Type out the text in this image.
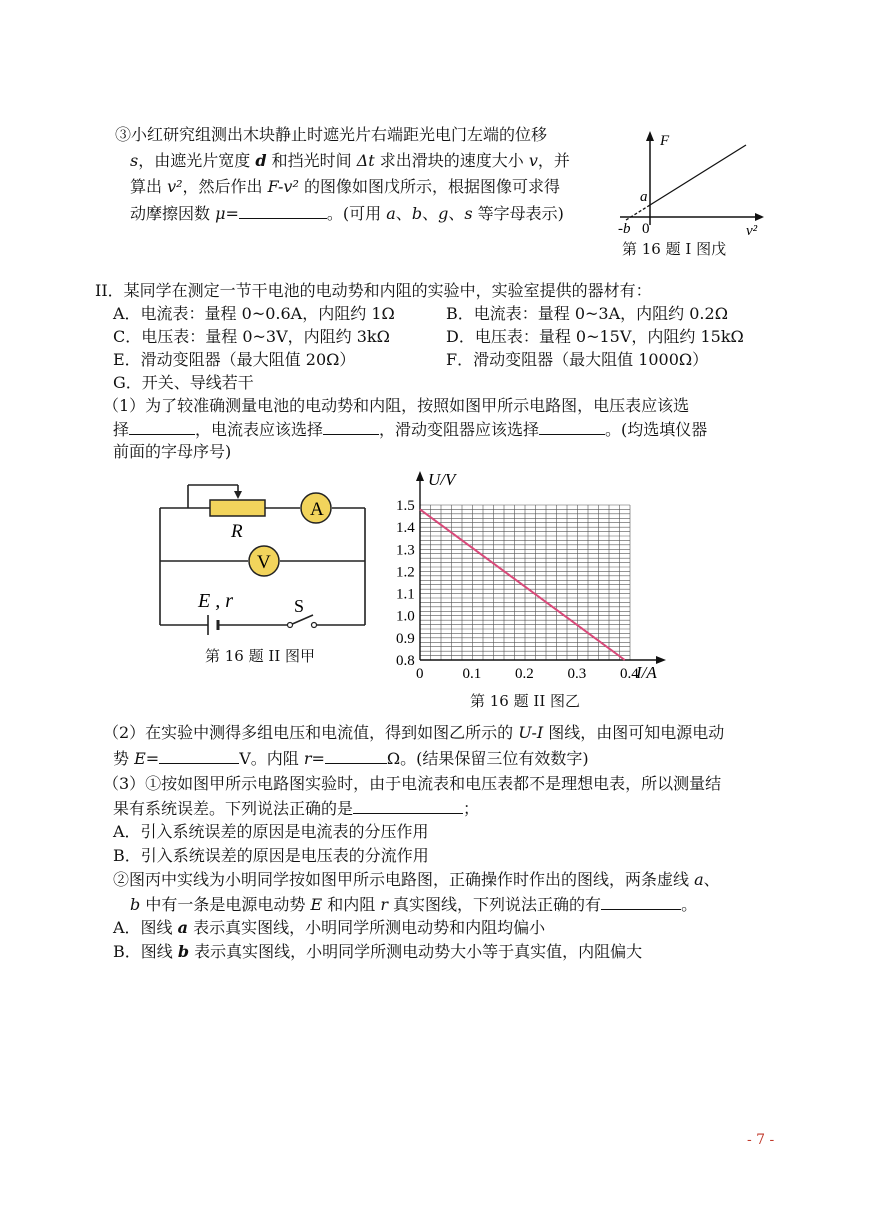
③小红研究组测出木块静止时遮光片右端距光电门左端的位移
s，由遮光片宽度 d 和挡光时间 Δt 求出滑块的速度大小 v，并
算出 v²，然后作出 F-v² 的图像如图戊所示，根据图像可求得
动摩擦因数 μ=	。(可用 a、b、g、s 等字母表示)
F
a
-b 0	v²
第 16 题 I 图戊
II．某同学在测定一节干电池的电动势和内阻的实验中，实验室提供的器材有：
A．电流表：量程 0~0.6A，内阻约 1Ω	B．电流表：量程 0~3A，内阻约 0.2Ω
C．电压表：量程 0~3V，内阻约 3kΩ	D．电压表：量程 0~15V，内阻约 15kΩ
E．滑动变阻器（最大阻值 20Ω）	F．滑动变阻器（最大阻值 1000Ω）
G．开关、导线若干
（1）为了较准确测量电池的电动势和内阻，按照如图甲所示电路图，电压表应该选
择	，电流表应该选择	，滑动变阻器应该选择	。(均选填仪器
前面的字母序号)
A
V
R
E , r	S
第 16 题 II 图甲	0.8
0.9
1.0
1.1
1.2
1.3
1.4
1.5
0	0.1 0.2 0.3 0.4
U/V
I/A
第 16 题 II 图乙
（2）在实验中测得多组电压和电流值，得到如图乙所示的 U-I 图线，由图可知电源电动
势 E=	V。内阻 r=	Ω。(结果保留三位有效数字)
（3）①按如图甲所示电路图实验时，由于电流表和电压表都不是理想电表，所以测量结
果有系统误差。下列说法正确的是	；
A．引入系统误差的原因是电流表的分压作用
B．引入系统误差的原因是电压表的分流作用
②图丙中实线为小明同学按如图甲所示电路图，正确操作时作出的图线，两条虚线 a、
b 中有一条是电源电动势 E 和内阻 r 真实图线，下列说法正确的有	。
A．图线 a 表示真实图线，小明同学所测电动势和内阻均偏小
B．图线 b 表示真实图线，小明同学所测电动势大小等于真实值，内阻偏大
- 7 -
